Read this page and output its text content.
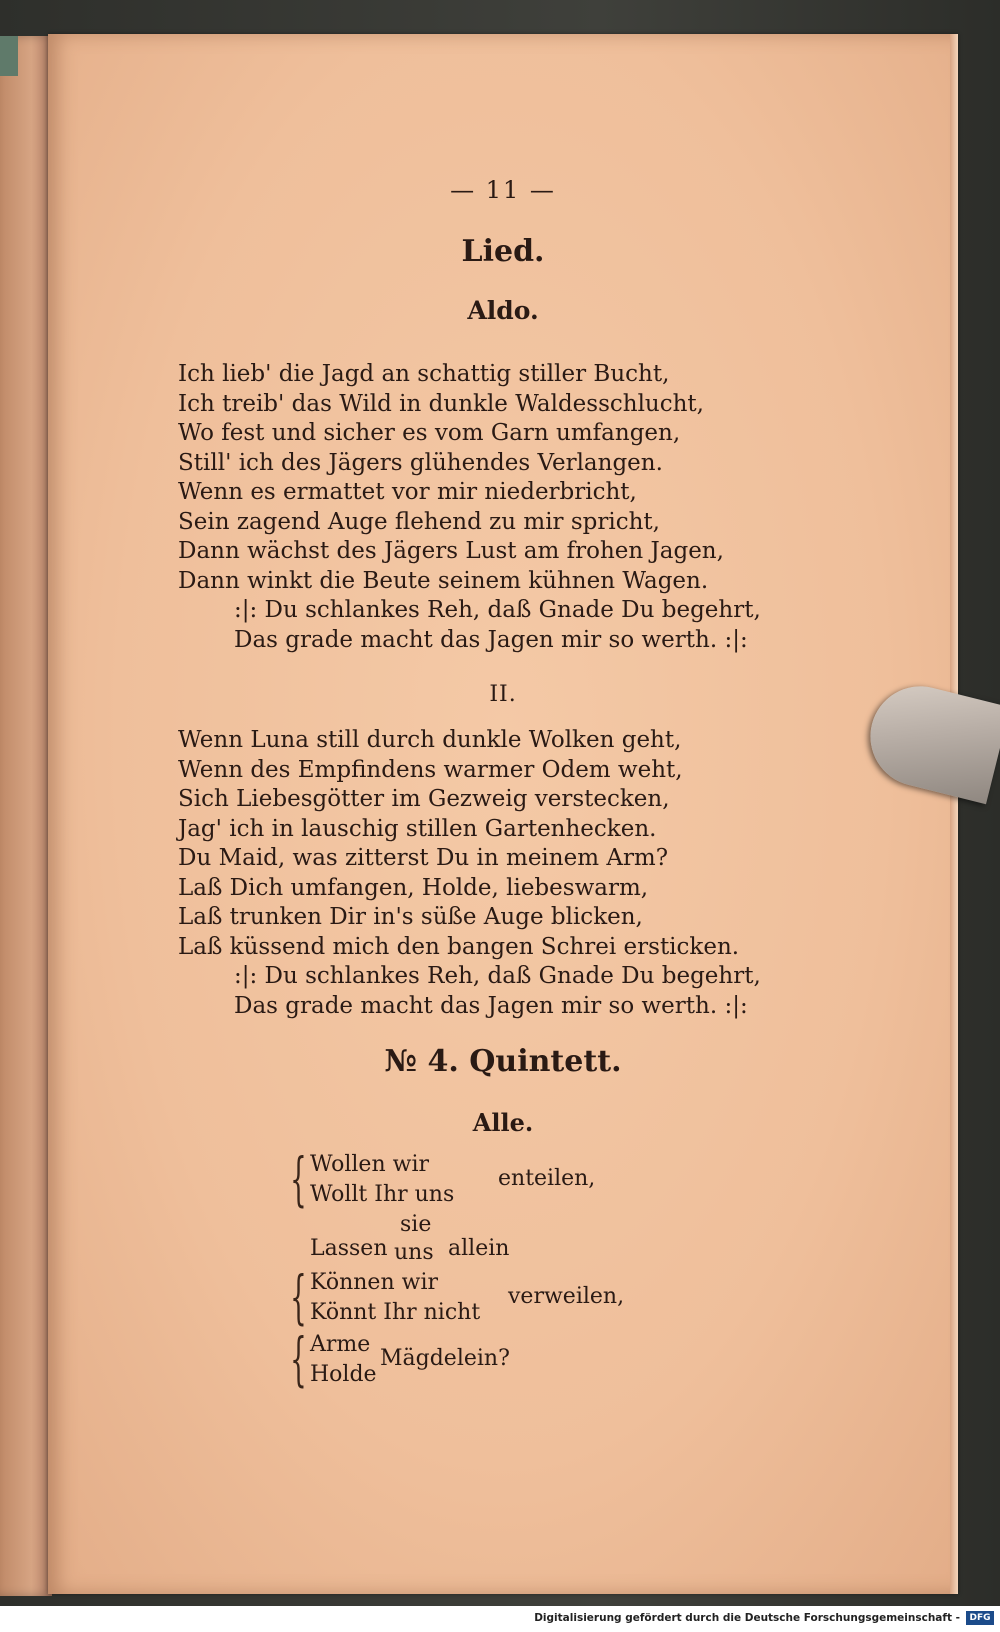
— 11 —
Lied.
Aldo.
Ich lieb' die Jagd an schattig stiller Bucht,
Ich treib' das Wild in dunkle Waldesschlucht,
Wo fest und sicher es vom Garn umfangen,
Still' ich des Jägers glühendes Verlangen.
Wenn es ermattet vor mir niederbricht,
Sein zagend Auge flehend zu mir spricht,
Dann wächst des Jägers Lust am frohen Jagen,
Dann winkt die Beute seinem kühnen Wagen.
:|: Du schlankes Reh, daß Gnade Du begehrt,
Das grade macht das Jagen mir so werth. :|:
II.
Wenn Luna still durch dunkle Wolken geht,
Wenn des Empfindens warmer Odem weht,
Sich Liebesgötter im Gezweig verstecken,
Jag' ich in lauschig stillen Gartenhecken.
Du Maid, was zitterst Du in meinem Arm?
Laß Dich umfangen, Holde, liebeswarm,
Laß trunken Dir in's süße Auge blicken,
Laß küssend mich den bangen Schrei ersticken.
:|: Du schlankes Reh, daß Gnade Du begehrt,
Das grade macht das Jagen mir so werth. :|:
№ 4. Quintett.
Alle.
{ Wollen wir
Wollt Ihr uns
enteilen,
Lassen
sie
uns allein
{ Können wir
Könnt Ihr nicht
verweilen,
{ Arme
Holde
Mägdelein?
Digitalisierung gefördert durch die Deutsche Forschungsgemeinschaft -	DFG
